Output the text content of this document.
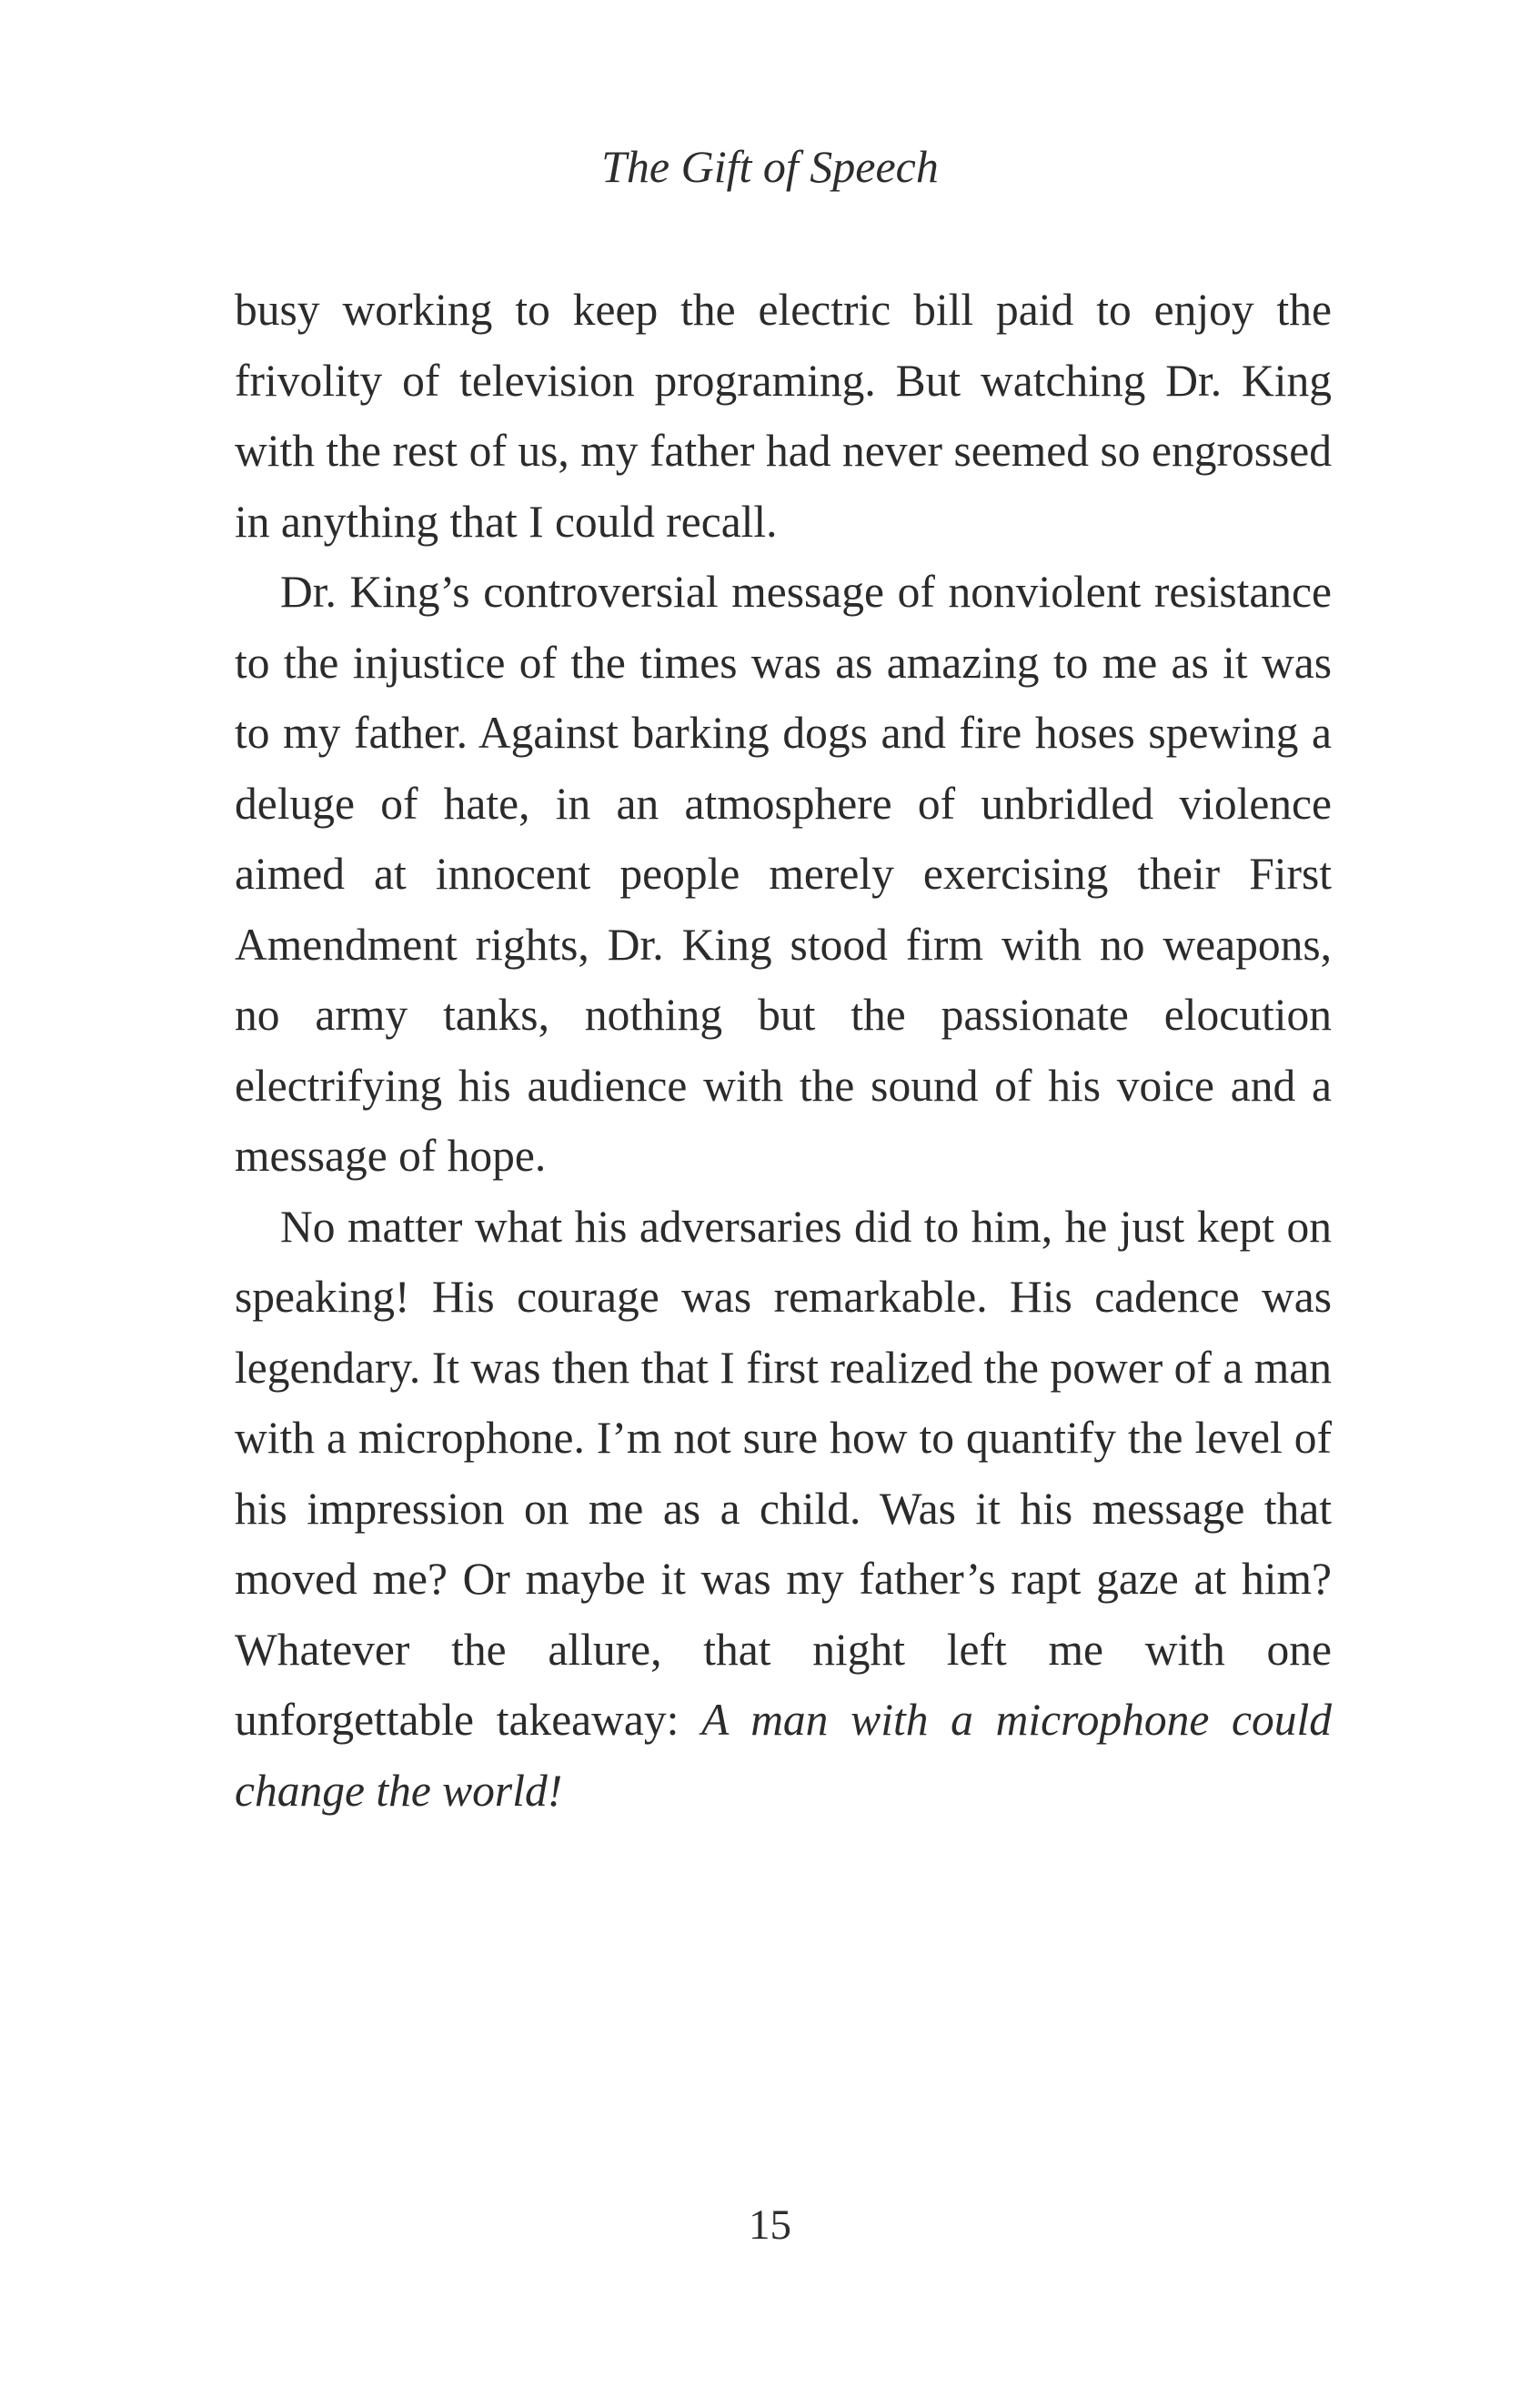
The Gift of Speech

busy working to keep the electric bill paid to enjoy the frivolity of television programing. But watching Dr. King with the rest of us, my father had never seemed so engrossed in anything that I could recall.

Dr. King’s controversial message of nonviolent resistance to the injustice of the times was as amazing to me as it was to my father. Against barking dogs and fire hoses spewing a deluge of hate, in an atmosphere of unbridled violence aimed at innocent people merely exercising their First Amendment rights, Dr. King stood firm with no weapons, no army tanks, nothing but the passionate elocution electrifying his audience with the sound of his voice and a message of hope.

No matter what his adversaries did to him, he just kept on speaking! His courage was remarkable. His cadence was legendary. It was then that I first realized the power of a man with a microphone. I’m not sure how to quantify the level of his impression on me as a child. Was it his message that moved me? Or maybe it was my father’s rapt gaze at him? Whatever the allure, that night left me with one unforgettable takeaway: A man with a microphone could change the world!

15
